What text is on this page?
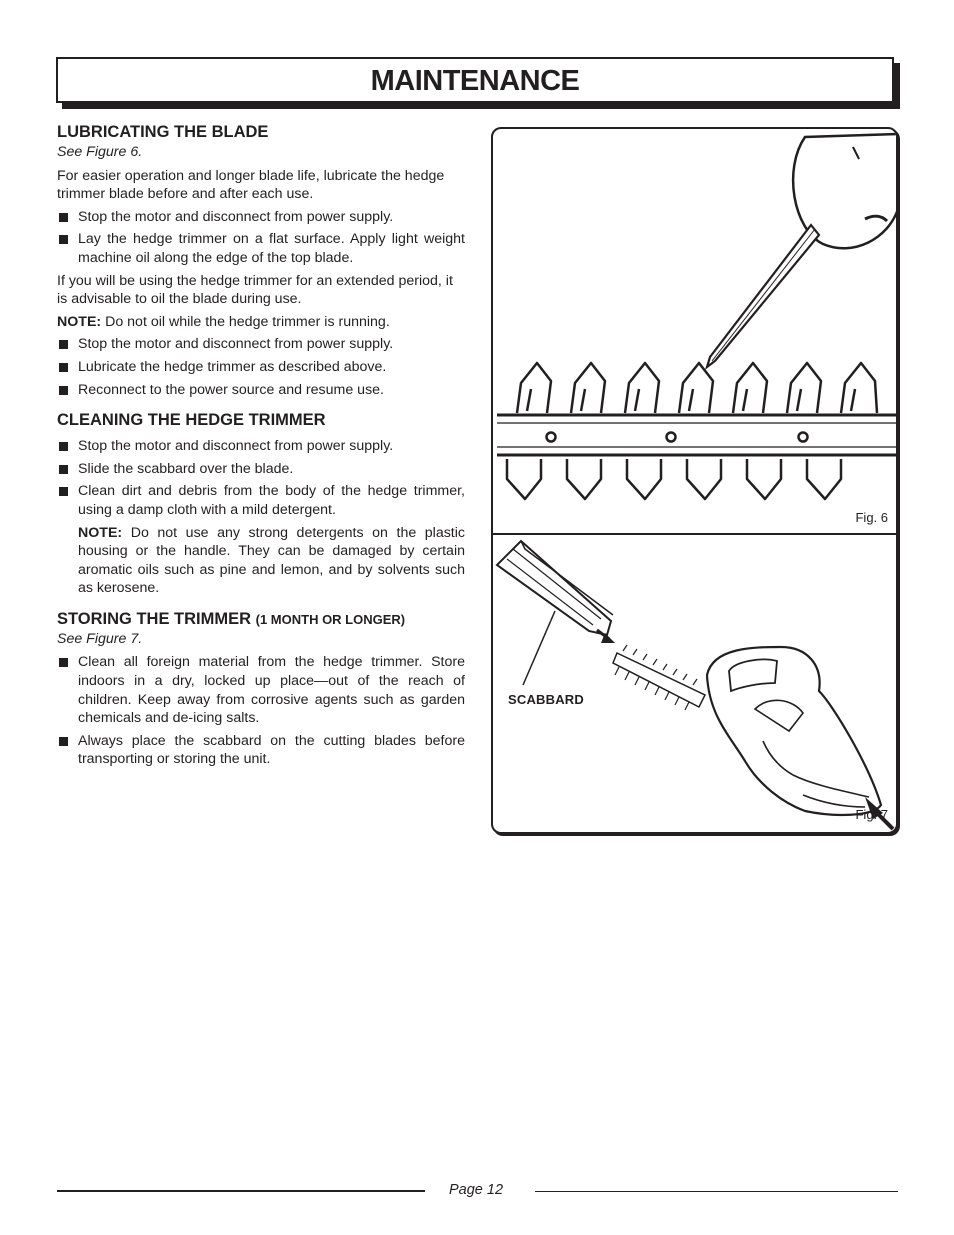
MAINTENANCE
LUBRICATING THE BLADE
See Figure 6.

For easier operation and longer blade life, lubricate the hedge trimmer blade before and after each use.

Stop the motor and disconnect from power supply.
Lay the hedge trimmer on a flat surface. Apply light weight machine oil along the edge of the top blade.

If you will be using the hedge trimmer for an extended period, it is advisable to oil the blade during use.

NOTE: Do not oil while the hedge trimmer is running.

Stop the motor and disconnect from power supply.
Lubricate the hedge trimmer as described above.
Reconnect to the power source and resume use.
CLEANING THE HEDGE TRIMMER
Stop the motor and disconnect from power supply.
Slide the scabbard over the blade.
Clean dirt and debris from the body of the hedge trimmer, using a damp cloth with a mild detergent.
NOTE: Do not use any strong detergents on the plastic housing or the handle. They can be damaged by certain aromatic oils such as pine and lemon, and by solvents such as kerosene.
STORING THE TRIMMER (1 MONTH OR LONGER)
See Figure 7.
Clean all foreign material from the hedge trimmer. Store indoors in a dry, locked up place—out of the reach of children. Keep away from corrosive agents such as garden chemicals and de-icing salts.
Always place the scabbard on the cutting blades before transporting or storing the unit.
Fig. 6
SCABBARD
Fig. 7
Page 12
